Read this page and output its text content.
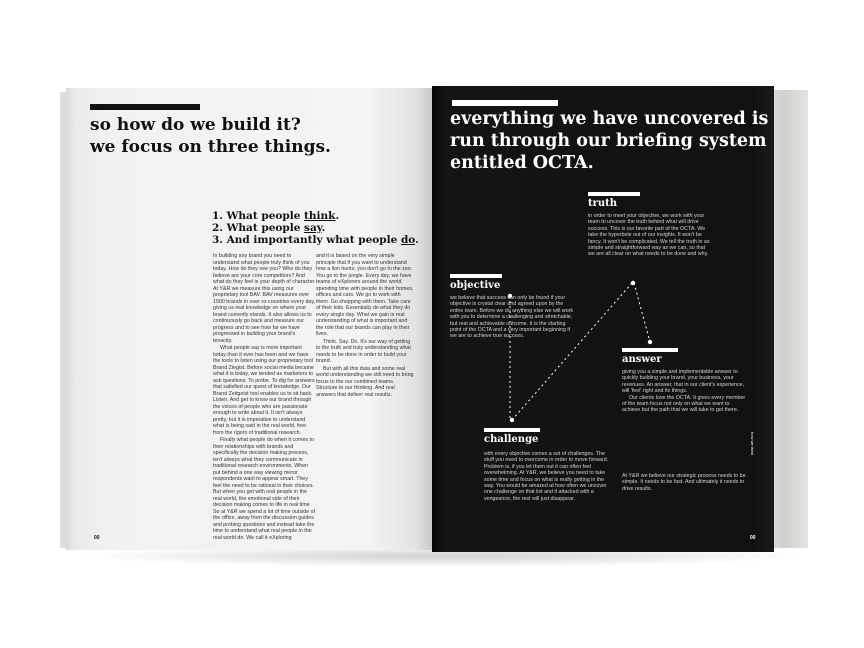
so how do we build it?
we focus on three things.
1. What people think.
2. What people say.
3. And importantly what people do.

In building any brand you need to understand what people truly think of you today. How do they see you? Who do they believe are your core competitors? And what do they feel is your depth of character. At Y&R we measure this using our proprietary tool BAV. BAV measures over 1500 brands in over xx countries every day, giving us real knowledge on where your brand currently stands. It also allows us to continuously go back and measure our progress and to see how far we have progressed in building your brand's tenacity.

What people say is more important today than it ever has been and we have the tools to listen using our proprietary tool Brand Ziegist. Before social media became what it is today, we tended as marketers to ask questions. To probe. To dig for answers that satisfied our quest of knowledge. Our Brand Zeitgeist tool enables us to sit back. Listen. And get to know our brand through the voices of people who are passionate enough to write about it. It isn't always pretty, but it is imperative to understand what is being said in the real world, free from the rigors of traditional research.

Finally what people do when it comes to their relationships with brands and specifically the decision making process, isn't always what they communicate in traditional research environments. When put behind a one way viewing mirror respondents want to appear smart. They feel the need to be rational in their choices. But when you get with real people in the real world, the emotional side of their decision making comes to life in real time. So at Y&R we spend a lot of time outside of the office, away from the discussion guides and probing questions and instead take the time to understand what real people in the real world do. We call it eXploring

and it is based on the very simple principle that if you want to understand how a lion hunts, you don't go to the zoo. You go to the jungle. Every day, we have teams of eXplorers around the world spending time with people in their homes, offices and cars. We go to work with them. Go shopping with them. Take care of their kids. Essentially do what they do every single day. What we gain is real understanding of what is important and the role that our brands can play in their lives.

Think. Say. Do. It's our way of getting to the truth and truly understanding what needs to be done in order to build your brand.

But with all this data and some real world understanding we still need to bring focus to the our combined teams. Structure to our thinking. And real answers that deliver real results.

00
everything we have uncovered is
run through our briefing system
entitled OCTA.
truth
in order to meet your objective, we work with your team to uncover the truth behind what will drive success. This is our favorite part of the OCTA. We take the hyperbole out of our insights. It won't be fancy. It won't be complicated. We tell the truth in as simple and straightforward way as we can, so that we are all clear on what needs to be done and why.
objective
we believe that success can only be found if your objective is crystal clear and agreed upon by the entire team. Before we do anything else we will work with you to determine a challenging and stretchable, but real and achievable outcome. It is the starting point of the OCTA and a very important beginning if we are to achieve true success.
answer
giving you a simple and implementable answer to quickly building your brand, your business, your revenues. An answer, that in our client's experience, will 'feel' right and fix things.
Our clients love the OCTA. It gives every member of the team focus not only on what we want to achieve but the path that we will take to get there.
challenge
with every objective comes a set of challenges. The stuff you need to overcome in order to move forward. Problem is, if you let them out it can often feel overwhelming. At Y&R, we believe you need to take some time and focus on what is really getting in the way. You would be amazed at how often we uncover one challenge on that list and if attacked with a vengeance, the rest will just disappear.
At Y&R we believe our strategic process needs to be simple. It needs to be fast. And ultimately it needs to drive results.
how we think
00
